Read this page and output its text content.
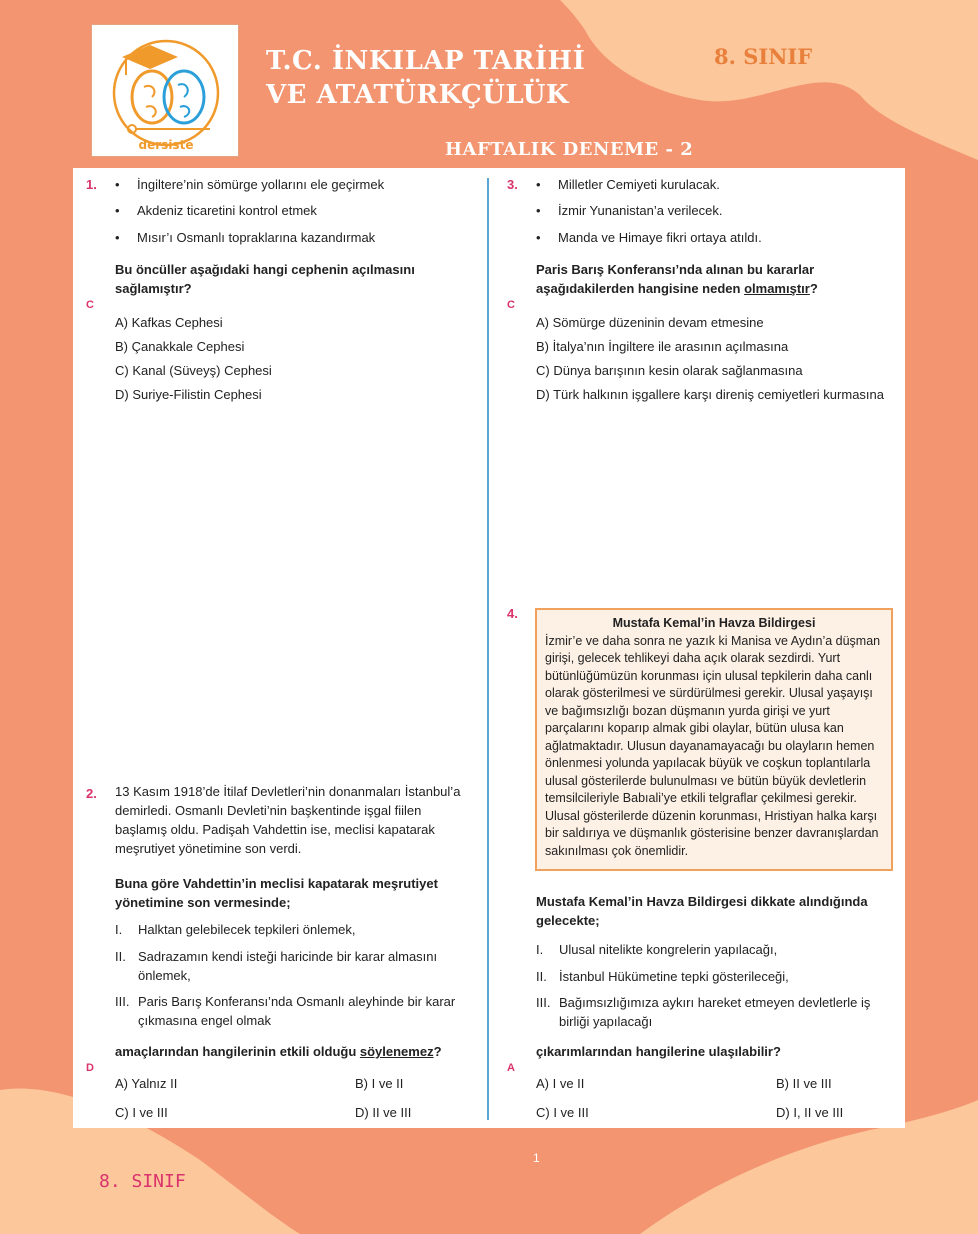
dersiste
T.C. İNKILAP TARİHİ
VE ATATÜRKÇÜLÜK
8. SINIF
HAFTALIK DENEME - 2
1. • İngiltere’nin sömürge yollarını ele geçirmek
• Akdeniz ticaretini kontrol etmek
• Mısır’ı Osmanlı topraklarına kazandırmak
Bu öncüller aşağıdaki hangi cephenin açılmasını sağlamıştır?
C
A) Kafkas Cephesi
B) Çanakkale Cephesi
C) Kanal (Süveyş) Cephesi
D) Suriye-Filistin Cephesi
2. 13 Kasım 1918’de İtilaf Devletleri’nin donanmaları İstanbul’a demirledi. Osmanlı Devleti’nin başkentinde işgal fiilen başlamış oldu. Padişah Vahdettin ise, meclisi kapatarak meşrutiyet yönetimine son verdi.
Buna göre Vahdettin’in meclisi kapatarak meşrutiyet yönetimine son vermesinde;
I. Halktan gelebilecek tepkileri önlemek,
II. Sadrazamın kendi isteği haricinde bir karar almasını önlemek,
III. Paris Barış Konferansı’nda Osmanlı aleyhinde bir karar çıkmasına engel olmak
amaçlarından hangilerinin etkili olduğu söylenemez?
D
A) Yalnız II	B) I ve II
C) I ve III	D) II ve III
3. • Milletler Cemiyeti kurulacak.
• İzmir Yunanistan’a verilecek.
• Manda ve Himaye fikri ortaya atıldı.
Paris Barış Konferansı’nda alınan bu kararlar aşağıdakilerden hangisine neden olmamıştır?
C
A) Sömürge düzeninin devam etmesine
B) İtalya’nın İngiltere ile arasının açılmasına
C) Dünya barışının kesin olarak sağlanmasına
D) Türk halkının işgallere karşı direniş cemiyetleri kurmasına
4.
Mustafa Kemal’in Havza Bildirgesi
İzmir’e ve daha sonra ne yazık ki Manisa ve Aydın’a düşman girişi, gelecek tehlikeyi daha açık olarak sezdirdi. Yurt bütünlüğümüzün korunması için ulusal tepkilerin daha canlı olarak gösterilmesi ve sürdürülmesi gerekir. Ulusal yaşayışı ve bağımsızlığı bozan düşmanın yurda girişi ve yurt parçalarını koparıp almak gibi olaylar, bütün ulusa kan ağlatmaktadır. Ulusun dayanamayacağı bu olayların hemen önlenmesi yolunda yapılacak büyük ve coşkun toplantılarla ulusal gösterilerde bulunulması ve bütün büyük devletlerin temsilcileriyle Babıali’ye etkili telgraflar çekilmesi gerekir. Ulusal gösterilerde düzenin korunması, Hristiyan halka karşı bir saldırıya ve düşmanlık gösterisine benzer davranışlardan sakınılması çok önemlidir.
Mustafa Kemal’in Havza Bildirgesi dikkate alındığında gelecekte;
I. Ulusal nitelikte kongrelerin yapılacağı,
II. İstanbul Hükümetine tepki gösterileceği,
III. Bağımsızlığımıza aykırı hareket etmeyen devletlerle iş birliği yapılacağı
çıkarımlarından hangilerine ulaşılabilir?
A
A) I ve II	B) II ve III
C) I ve III	D) I, II ve III
1
8. SINIF
